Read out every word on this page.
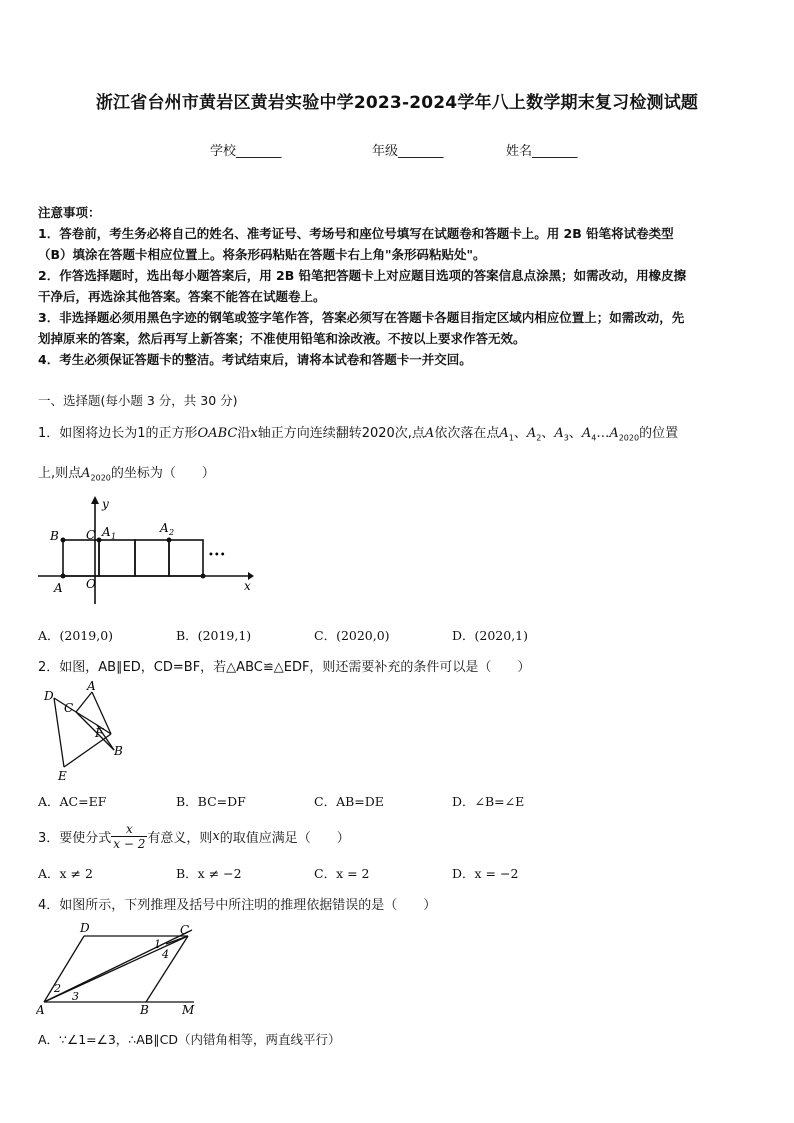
浙江省台州市黄岩区黄岩实验中学2023-2024学年八上数学期末复习检测试题
学校_______	年级_______	姓名_______
注意事项：
1．答卷前，考生务必将自己的姓名、准考证号、考场号和座位号填写在试题卷和答题卡上。用 2B 铅笔将试卷类型
（B）填涂在答题卡相应位置上。将条形码粘贴在答题卡右上角"条形码粘贴处"。
2．作答选择题时，选出每小题答案后，用 2B 铅笔把答题卡上对应题目选项的答案信息点涂黑；如需改动，用橡皮擦
干净后，再选涂其他答案。答案不能答在试题卷上。
3．非选择题必须用黑色字迹的钢笔或签字笔作答，答案必须写在答题卡各题目指定区域内相应位置上；如需改动，先
划掉原来的答案，然后再写上新答案；不准使用铅笔和涂改液。不按以上要求作答无效。
4．考生必须保证答题卡的整洁。考试结束后，请将本试卷和答题卡一并交回。
一、选择题(每小题 3 分，共 30 分)
1．如图将边长为1的正方形OABC沿x轴正方向连续翻转2020次,点A依次落在点$A_1$、$A_2$、$A_3$、$A_4\dots A_{2020}$的位置
上,则点$A_{2020}$的坐标为（　　）
B C A 1
A 2
A O	x
y
•••
A．(2019,0)	B．(2019,1)	C．(2020,0)	D．(2020,1)
2．如图，AB∥ED，CD=BF，若△ABC≌△EDF，则还需要补充的条件可以是（　　）
D
A
C
F
B
E
A．AC=EF	B．BC=DF	C．AB=DE	D．∠B=∠E
3．要使分式 $\frac{x}{x - 2}$ 有意义，则 x 的取值应满足（　　）
A．x ≠ 2	B．x ≠ −2	C．x = 2	D．x = −2
4．如图所示，下列推理及括号中所注明的推理依据错误的是（　　）
D	C
A	B	M
1
2
3
4
A．∵∠1=∠3，∴AB∥CD（内错角相等，两直线平行）
